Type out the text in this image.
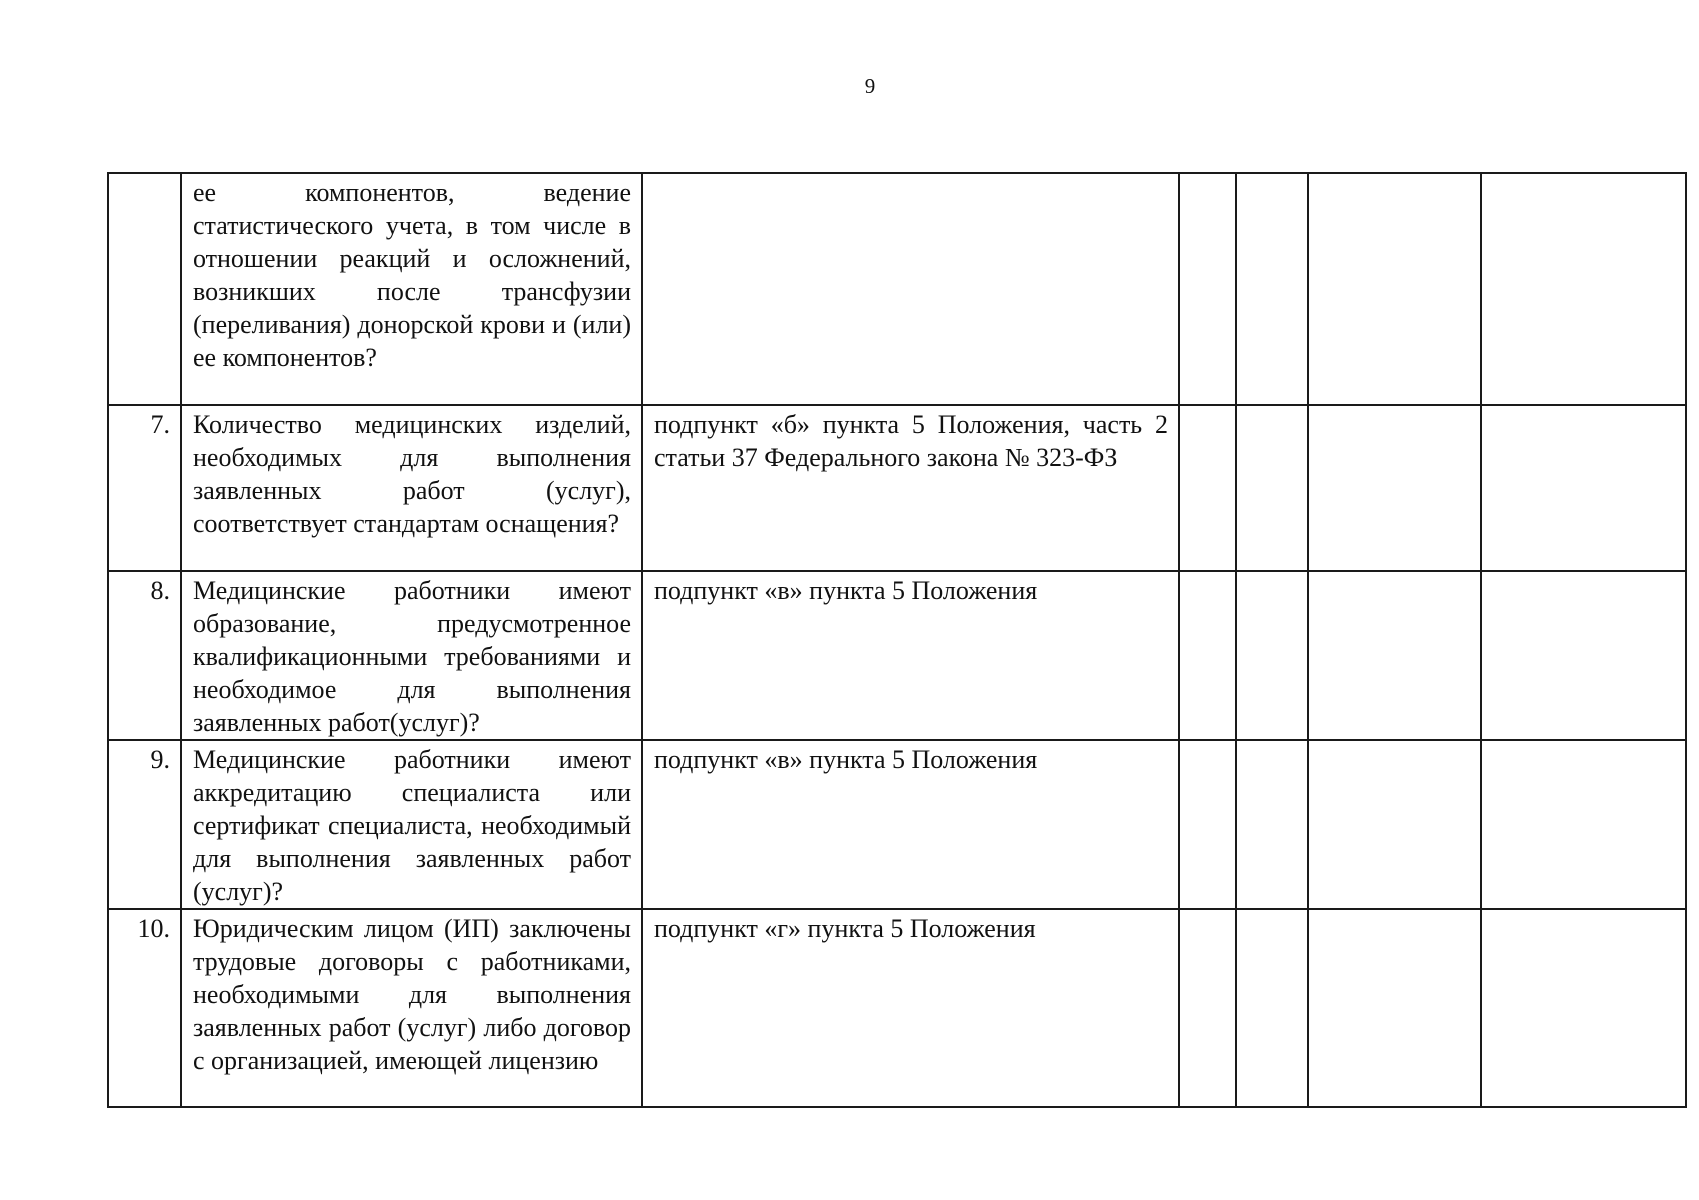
9
	ее компонентов, ведение статистического учета, в том числе в отношении реакций и осложнений, возникших после трансфузии (переливания) донорской крови и (или) ее компонентов?					
7.	Количество медицинских изделий, необходимых для выполнения заявленных работ (услуг), соответствует стандартам оснащения?	подпункт «б» пункта 5 Положения, часть 2 статьи 37 Федерального закона № 323-ФЗ				
8.	Медицинские работники имеют образование, предусмотренное квалификационными требованиями и необходимое для выполнения заявленных работ(услуг)?	подпункт «в» пункта 5 Положения				
9.	Медицинские работники имеют аккредитацию специалиста или сертификат специалиста, необходимый для выполнения заявленных работ (услуг)?	подпункт «в» пункта 5 Положения				
10.	Юридическим лицом (ИП) заключены трудовые договоры с работниками, необходимыми для выполнения заявленных работ (услуг) либо договор с организацией, имеющей лицензию	подпункт «г» пункта 5 Положения				
